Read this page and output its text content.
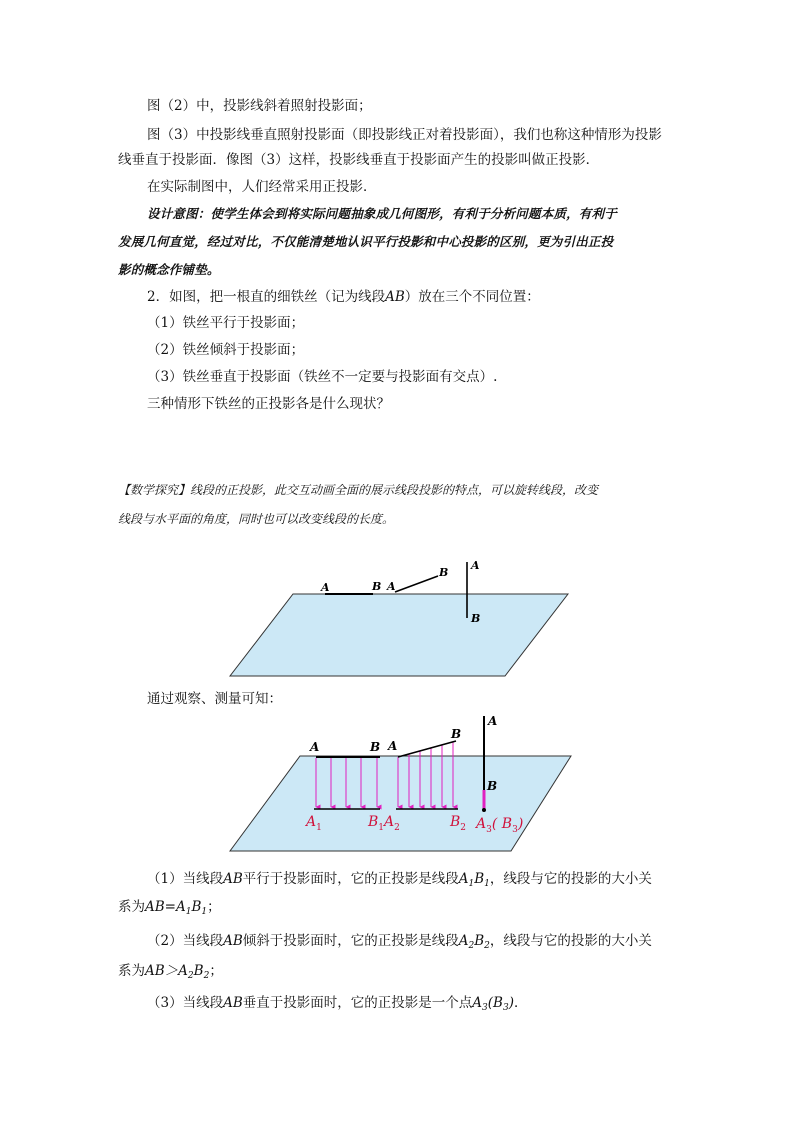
图（2）中，投影线斜着照射投影面；
图（3）中投影线垂直照射投影面（即投影线正对着投影面），我们也称这种情形为投影
线垂直于投影面．像图（3）这样，投影线垂直于投影面产生的投影叫做正投影．
在实际制图中，人们经常采用正投影．
设计意图：使学生体会到将实际问题抽象成几何图形，有利于分析问题本质，有利于
发展几何直觉，经过对比，不仅能清楚地认识平行投影和中心投影的区别，更为引出正投
影的概念作铺垫。
2．如图，把一根直的细铁丝（记为线段AB）放在三个不同位置：
（1）铁丝平行于投影面；
（2）铁丝倾斜于投影面；
（3）铁丝垂直于投影面（铁丝不一定要与投影面有交点）.
三种情形下铁丝的正投影各是什么现状？
【数学探究】线段的正投影，此交互动画全面的展示线段投影的特点，可以旋转线段，改变
线段与水平面的角度，同时也可以改变线段的长度。
A	B A
B
A
B
通过观察、测量可知：
A	B A
B
A
B
$A_1$	$B_1A_2$	$B_2$ $A_3$( $B_3$)
（1）当线段AB平行于投影面时，它的正投影是线段$A_1B_1$，线段与它的投影的大小关
系为$AB=A_1B_1$；
（2）当线段AB倾斜于投影面时，它的正投影是线段$A_2B_2$，线段与它的投影的大小关
系为$AB>A_2B_2$；
（3）当线段AB垂直于投影面时，它的正投影是一个点$A_3(B_3)$．
